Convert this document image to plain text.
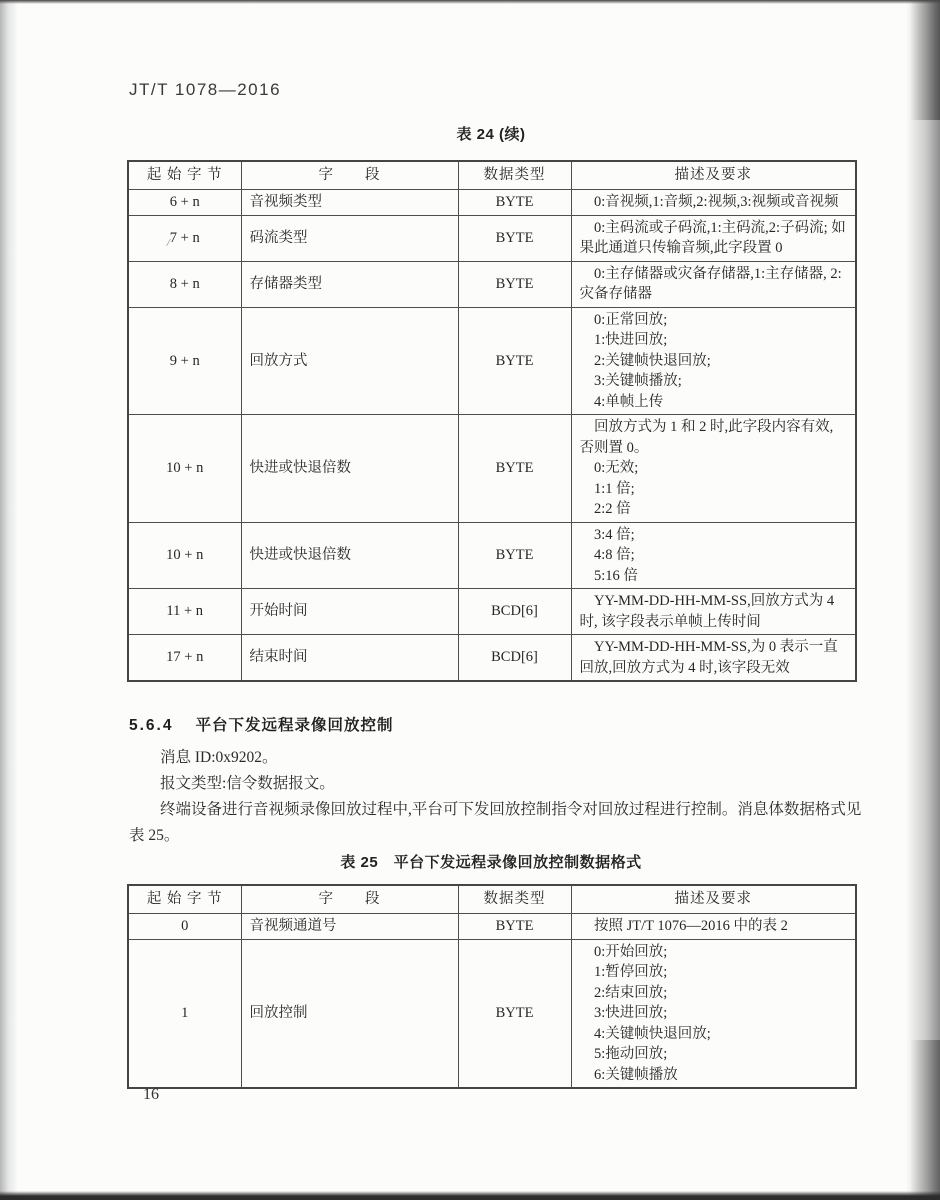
JT/T 1078—2016
表 24 (续)
起 始 字 节	字　　段	数据类型	描述及要求
6 + n	音视频类型	BYTE	0:音视频,1:音频,2:视频,3:视频或音视频

7 + n	码流类型	BYTE	0:主码流或子码流,1:主码流,2:子码流; 如果此通道只传输音频,此字段置 0

8 + n	存储器类型	BYTE	0:主存储器或灾备存储器,1:主存储器, 2:灾备存储器

9 + n	回放方式	BYTE	0:正常回放;
1:快进回放;
2:关键帧快退回放;
3:关键帧播放;
4:单帧上传

10 + n	快进或快退倍数	BYTE	回放方式为 1 和 2 时,此字段内容有效,否则置 0。
0:无效;
1:1 倍;
2:2 倍

10 + n	快进或快退倍数	BYTE	3:4 倍;
4:8 倍;
5:16 倍

11 + n	开始时间	BCD[6]	YY-MM-DD-HH-MM-SS,回放方式为 4 时, 该字段表示单帧上传时间

17 + n	结束时间	BCD[6]	YY-MM-DD-HH-MM-SS,为 0 表示一直回放,回放方式为 4 时,该字段无效
5.6.4 平台下发远程录像回放控制

消息 ID:0x9202。

报文类型:信令数据报文。

终端设备进行音视频录像回放过程中,平台可下发回放控制指令对回放过程进行控制。消息体数据格式见表 25。

表 25　平台下发远程录像回放控制数据格式
起 始 字 节	字　　段	数据类型	描述及要求
0	音视频通道号	BYTE	按照 JT/T 1076—2016 中的表 2

1	回放控制	BYTE	
0:开始回放;
1:暂停回放;
2:结束回放;
3:快进回放;
4:关键帧快退回放;
5:拖动回放;
6:关键帧播放
16
